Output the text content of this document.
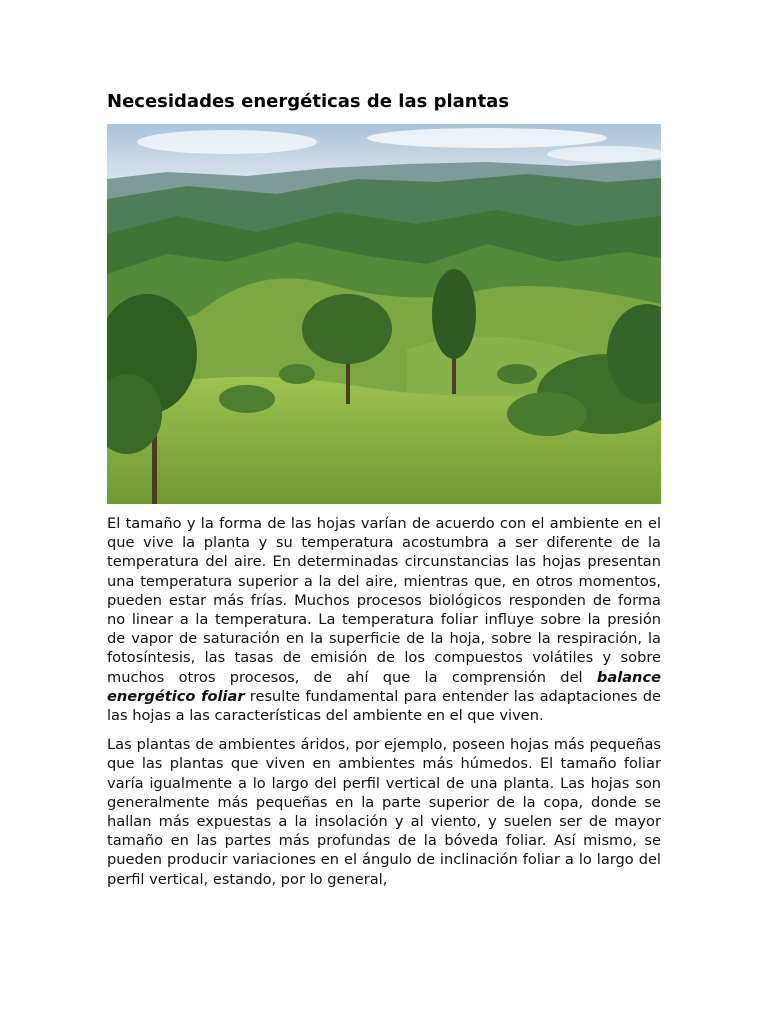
Necesidades energéticas de las plantas

El tamaño y la forma de las hojas varían de acuerdo con el ambiente en el que vive la planta y su temperatura acostumbra a ser diferente de la temperatura del aire. En determinadas circunstancias las hojas presentan una temperatura superior a la del aire, mientras que, en otros momentos, pueden estar más frías. Muchos procesos biológicos responden de forma no linear a la temperatura. La temperatura foliar influye sobre la presión de vapor de saturación en la superficie de la hoja, sobre la respiración, la fotosíntesis, las tasas de emisión de los compuestos volátiles y sobre muchos otros procesos, de ahí que la comprensión del balance energético foliar resulte fundamental para entender las adaptaciones de las hojas a las características del ambiente en el que viven.

Las plantas de ambientes áridos, por ejemplo, poseen hojas más pequeñas que las plantas que viven en ambientes más húmedos. El tamaño foliar varía igualmente a lo largo del perfil vertical de una planta. Las hojas son generalmente más pequeñas en la parte superior de la copa, donde se hallan más expuestas a la insolación y al viento, y suelen ser de mayor tamaño en las partes más profundas de la bóveda foliar. Así mismo, se pueden producir variaciones en el ángulo de inclinación foliar a lo largo del perfil vertical, estando, por lo general,
